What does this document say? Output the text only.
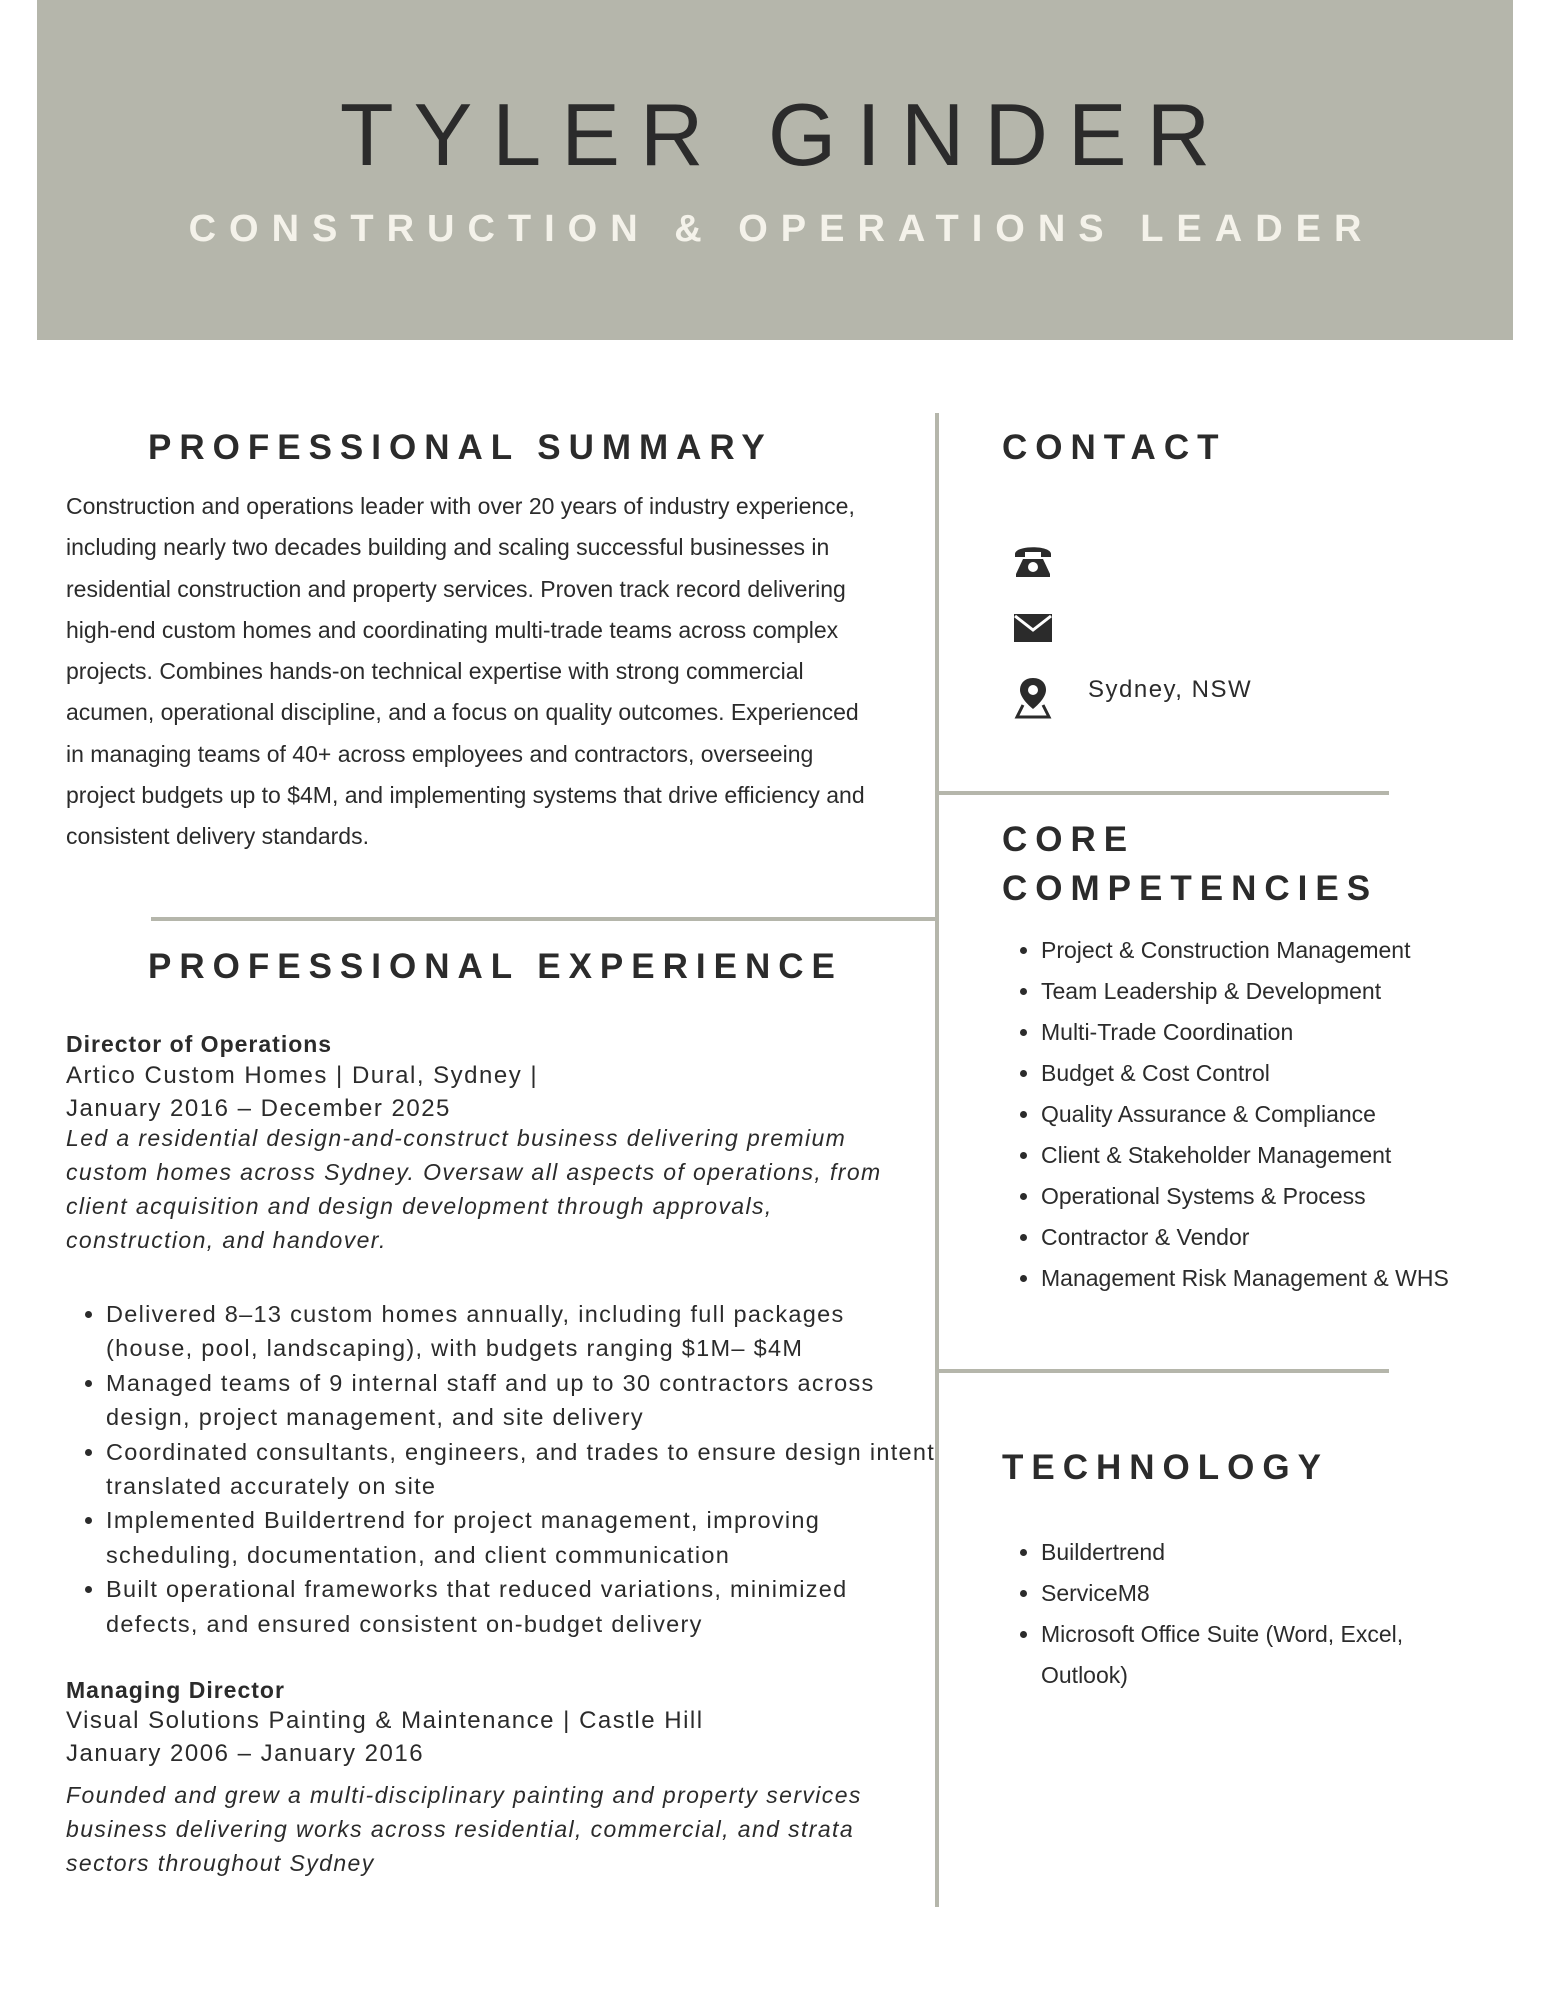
TYLER GINDER
CONSTRUCTION & OPERATIONS LEADER
PROFESSIONAL SUMMARY
Construction and operations leader with over 20 years of industry experience, including nearly two decades building and scaling successful businesses in residential construction and property services. Proven track record delivering high-end custom homes and coordinating multi-trade teams across complex projects. Combines hands-on technical expertise with strong commercial acumen, operational discipline, and a focus on quality outcomes. Experienced in managing teams of 40+ across employees and contractors, overseeing project budgets up to $4M, and implementing systems that drive efficiency and consistent delivery standards.
PROFESSIONAL EXPERIENCE
Director of Operations
Artico Custom Homes | Dural, Sydney |
January 2016 – December 2025
Led a residential design-and-construct business delivering premium custom homes across Sydney. Oversaw all aspects of operations, from client acquisition and design development through approvals, construction, and handover.
• Delivered 8–13 custom homes annually, including full packages (house, pool, landscaping), with budgets ranging $1M– $4M
• Managed teams of 9 internal staff and up to 30 contractors across design, project management, and site delivery
• Coordinated consultants, engineers, and trades to ensure design intent translated accurately on site
• Implemented Buildertrend for project management, improving scheduling, documentation, and client communication
• Built operational frameworks that reduced variations, minimized defects, and ensured consistent on-budget delivery
Managing Director
Visual Solutions Painting & Maintenance | Castle Hill
January 2006 – January 2016
Founded and grew a multi-disciplinary painting and property services business delivering works across residential, commercial, and strata sectors throughout Sydney
CONTACT
Sydney, NSW
CORE
COMPETENCIES
• Project & Construction Management
• Team Leadership & Development
• Multi-Trade Coordination
• Budget & Cost Control
• Quality Assurance & Compliance
• Client & Stakeholder Management
• Operational Systems & Process
• Contractor & Vendor
• Management Risk Management & WHS
TECHNOLOGY
• Buildertrend
• ServiceM8
• Microsoft Office Suite (Word, Excel, Outlook)
